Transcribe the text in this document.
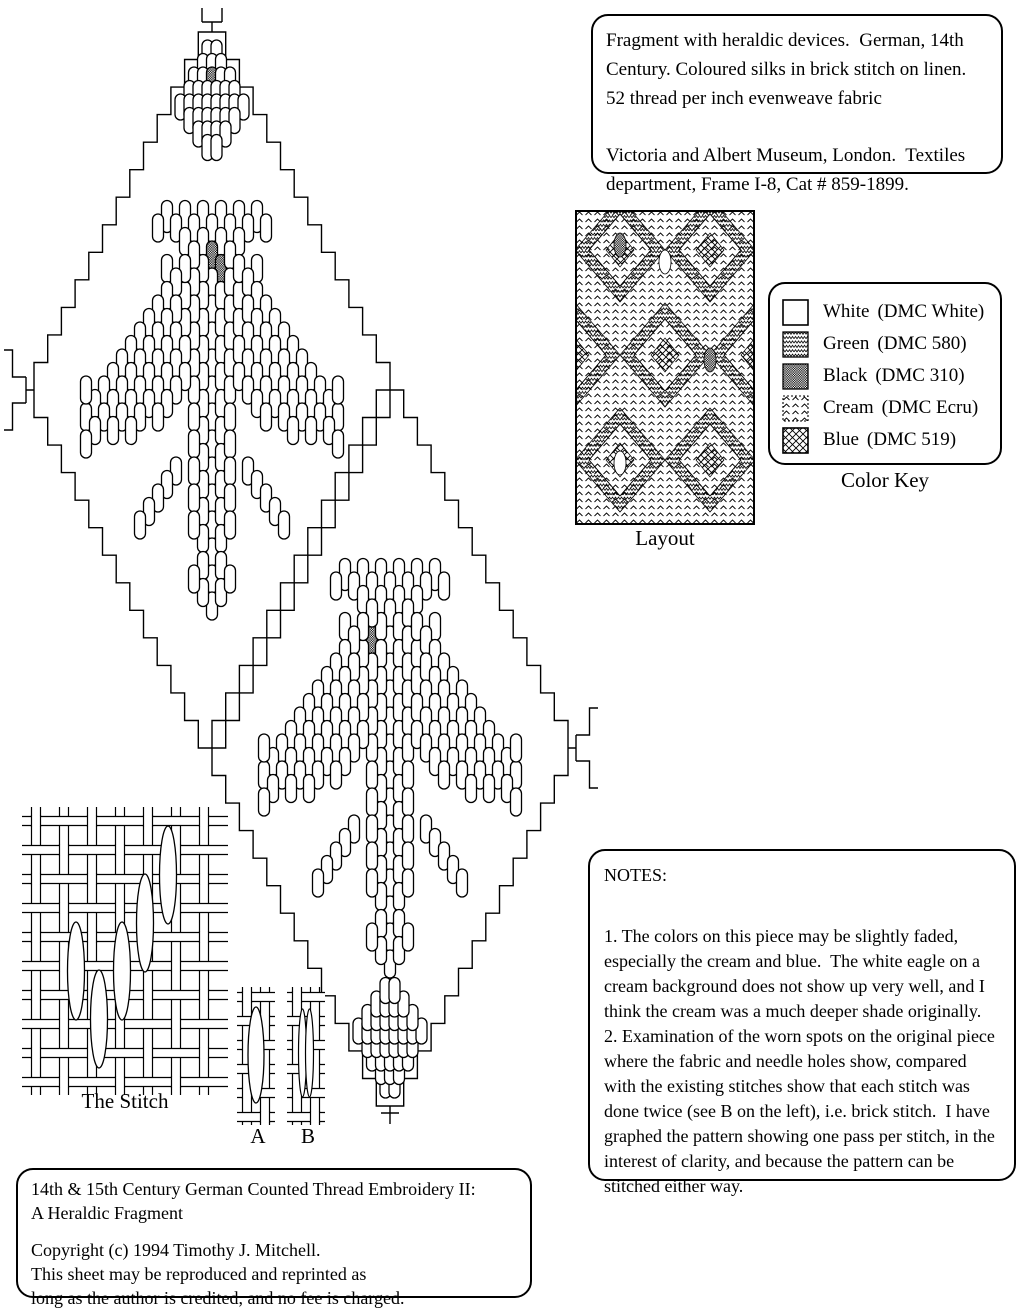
The Stitch
A	B

Fragment with heraldic devices.  German, 14th Century. Coloured silks in brick stitch on linen. 52 thread per inch evenweave fabric

Victoria and Albert Museum, London.  Textiles department, Frame I-8, Cat # 859-1899.

Layout
White (DMC White)
Green (DMC 580)
Black (DMC 310)
Cream (DMC Ecru)
Blue (DMC 519)
Color Key

NOTES:

1. The colors on this piece may be slightly faded, especially the cream and blue.  The white eagle on a cream background does not show up very well, and I think the cream was a much deeper shade originally.

2. Examination of the worn spots on the original piece where the fabric and needle holes show, compared with the existing stitches show that each stitch was done twice (see B on the left), i.e. brick stitch.  I have graphed the pattern showing one pass per stitch, in the interest of clarity, and because the pattern can be stitched either way.

14th & 15th Century German Counted Thread Embroidery II:

A Heraldic Fragment

Copyright (c) 1994 Timothy J. Mitchell.

This sheet may be reproduced and reprinted as

long as the author is credited, and no fee is charged.
